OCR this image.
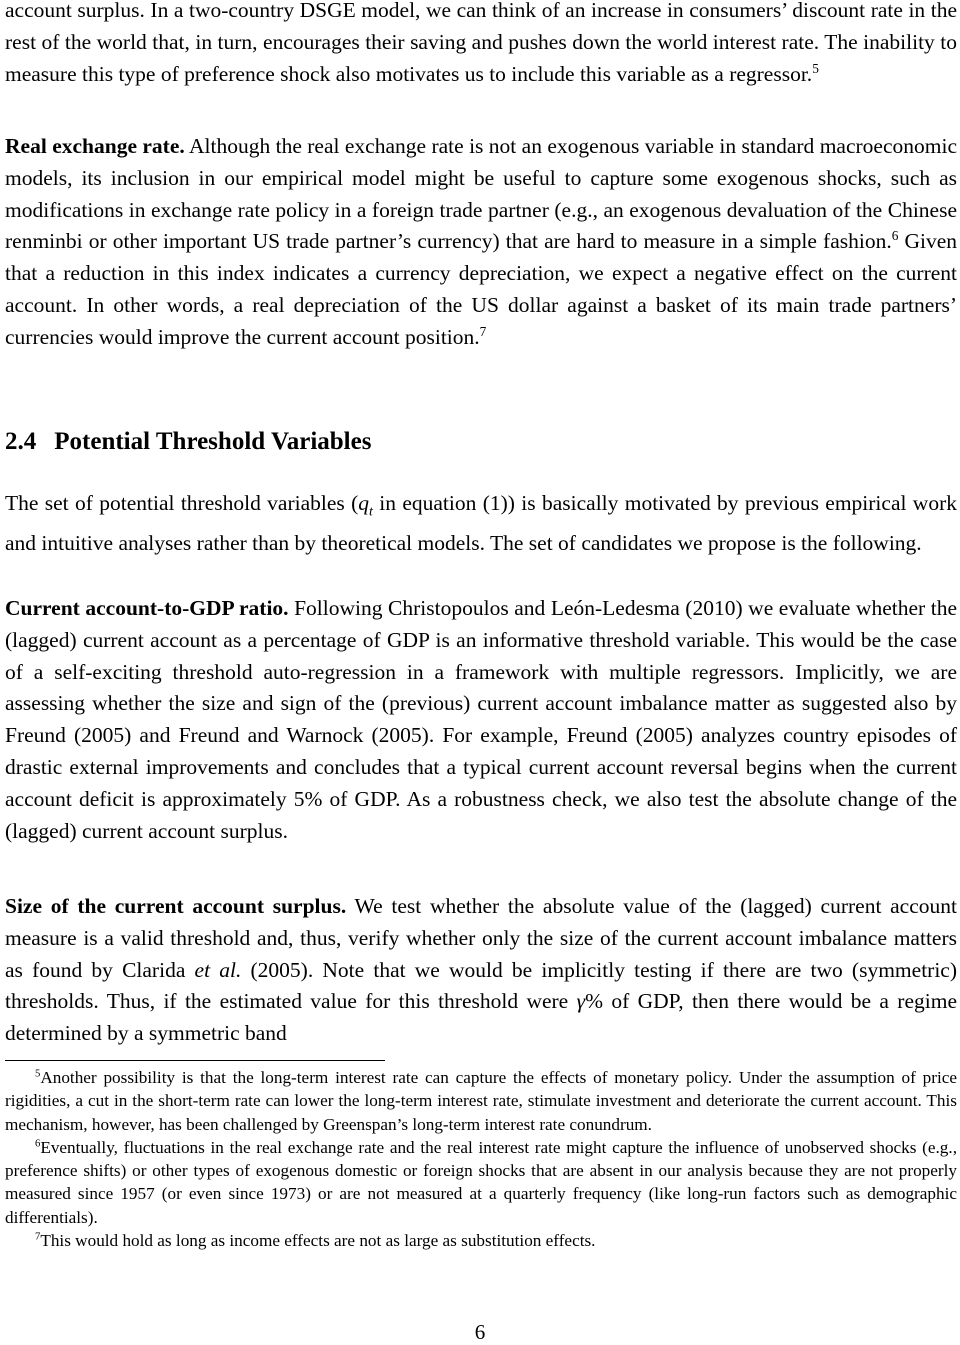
account surplus. In a two-country DSGE model, we can think of an increase in consumers’ discount rate in the rest of the world that, in turn, encourages their saving and pushes down the world interest rate. The inability to measure this type of preference shock also motivates us to include this variable as a regressor.$^5$

Real exchange rate. Although the real exchange rate is not an exogenous variable in standard macroeconomic models, its inclusion in our empirical model might be useful to capture some exogenous shocks, such as modifications in exchange rate policy in a foreign trade partner (e.g., an exogenous devaluation of the Chinese renminbi or other important US trade partner’s currency) that are hard to measure in a simple fashion.$^6$ Given that a reduction in this index indicates a currency depreciation, we expect a negative effect on the current account. In other words, a real depreciation of the US dollar against a basket of its main trade partners’ currencies would improve the current account position.$^7$

2.4 Potential Threshold Variables

The set of potential threshold variables ($q_t$ in equation (1)) is basically motivated by previous empirical work and intuitive analyses rather than by theoretical models. The set of candidates we propose is the following.

Current account-to-GDP ratio. Following Christopoulos and León-Ledesma (2010) we evaluate whether the (lagged) current account as a percentage of GDP is an informative threshold variable. This would be the case of a self-exciting threshold auto-regression in a framework with multiple regressors. Implicitly, we are assessing whether the size and sign of the (previous) current account imbalance matter as suggested also by Freund (2005) and Freund and Warnock (2005). For example, Freund (2005) analyzes country episodes of drastic external improvements and concludes that a typical current account reversal begins when the current account deficit is approximately 5% of GDP. As a robustness check, we also test the absolute change of the (lagged) current account surplus.

Size of the current account surplus. We test whether the absolute value of the (lagged) current account measure is a valid threshold and, thus, verify whether only the size of the current account imbalance matters as found by Clarida et al. (2005). Note that we would be implicitly testing if there are two (symmetric) thresholds. Thus, if the estimated value for this threshold were γ% of GDP, then there would be a regime determined by a symmetric band

$^5$Another possibility is that the long-term interest rate can capture the effects of monetary policy. Under the assumption of price rigidities, a cut in the short-term rate can lower the long-term interest rate, stimulate investment and deteriorate the current account. This mechanism, however, has been challenged by Greenspan’s long-term interest rate conundrum.

$^6$Eventually, fluctuations in the real exchange rate and the real interest rate might capture the influence of unobserved shocks (e.g., preference shifts) or other types of exogenous domestic or foreign shocks that are absent in our analysis because they are not properly measured since 1957 (or even since 1973) or are not measured at a quarterly frequency (like long-run factors such as demographic differentials).

$^7$This would hold as long as income effects are not as large as substitution effects.

6
